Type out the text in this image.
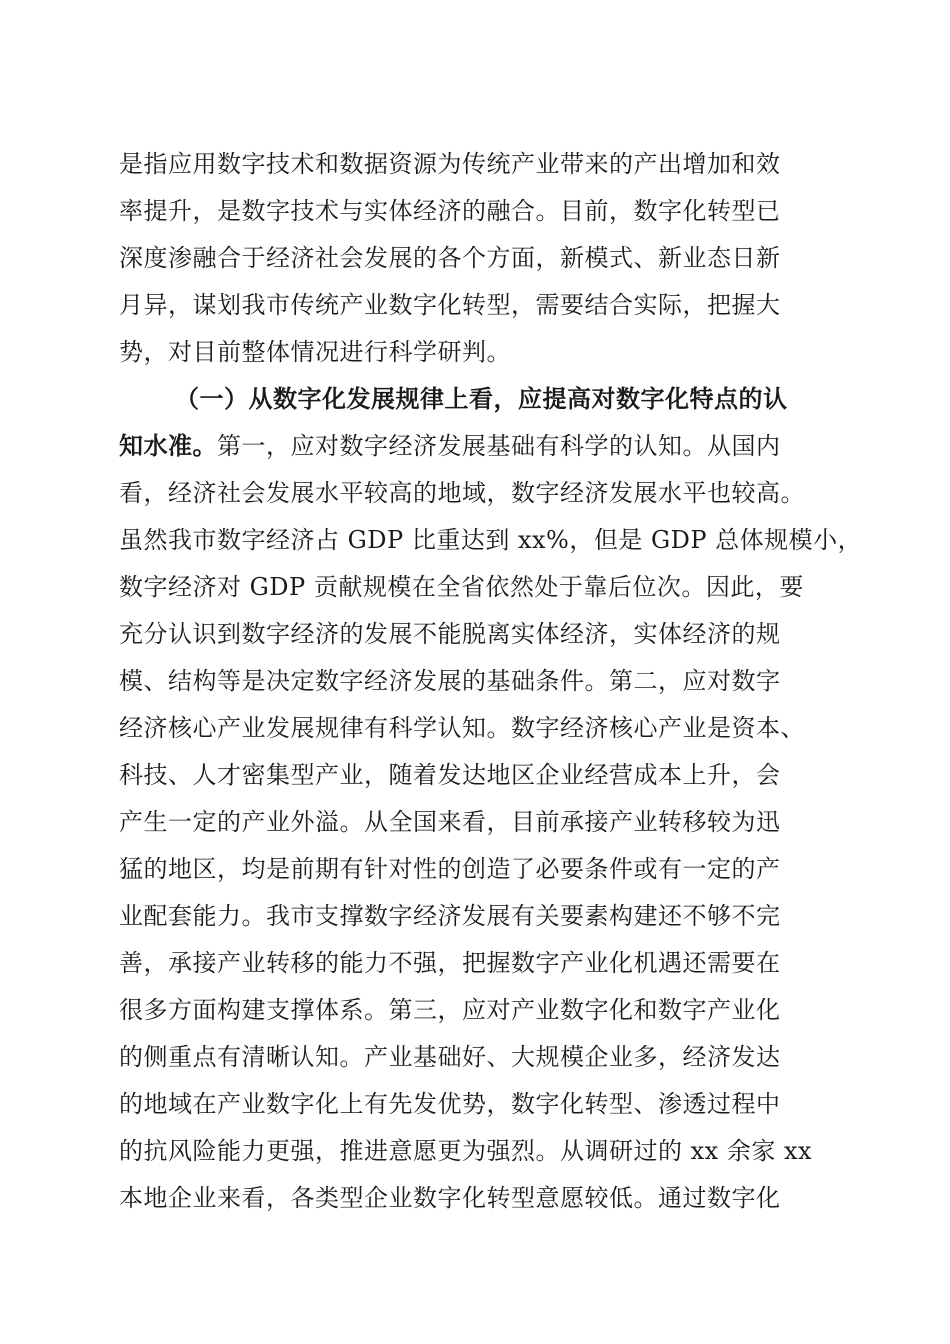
是指应用数字技术和数据资源为传统产业带来的产出增加和效
率提升，是数字技术与实体经济的融合。目前，数字化转型已
深度渗融合于经济社会发展的各个方面，新模式、新业态日新
月异，谋划我市传统产业数字化转型，需要结合实际，把握大
势，对目前整体情况进行科学研判。
（一）从数字化发展规律上看，应提高对数字化特点的认
知水准。第一，应对数字经济发展基础有科学的认知。从国内
看，经济社会发展水平较高的地域，数字经济发展水平也较高。
虽然我市数字经济占 GDP 比重达到 xx%，但是 GDP 总体规模小，
数字经济对 GDP 贡献规模在全省依然处于靠后位次。因此，要
充分认识到数字经济的发展不能脱离实体经济，实体经济的规
模、结构等是决定数字经济发展的基础条件。第二，应对数字
经济核心产业发展规律有科学认知。数字经济核心产业是资本、
科技、人才密集型产业，随着发达地区企业经营成本上升，会
产生一定的产业外溢。从全国来看，目前承接产业转移较为迅
猛的地区，均是前期有针对性的创造了必要条件或有一定的产
业配套能力。我市支撑数字经济发展有关要素构建还不够不完
善，承接产业转移的能力不强，把握数字产业化机遇还需要在
很多方面构建支撑体系。第三，应对产业数字化和数字产业化
的侧重点有清晰认知。产业基础好、大规模企业多，经济发达
的地域在产业数字化上有先发优势，数字化转型、渗透过程中
的抗风险能力更强，推进意愿更为强烈。从调研过的 xx 余家 xx
本地企业来看，各类型企业数字化转型意愿较低。通过数字化
